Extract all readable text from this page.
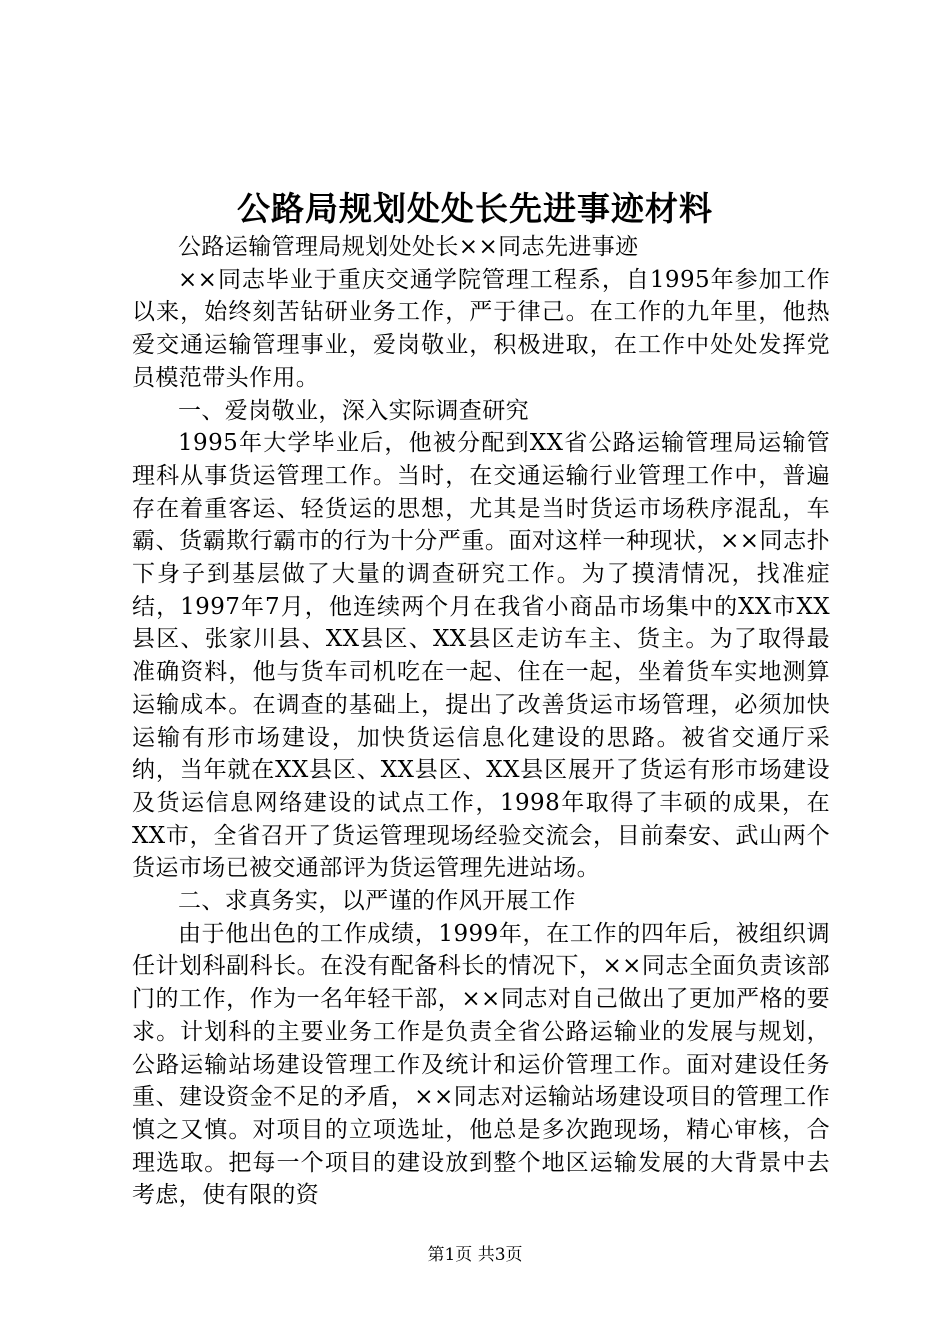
公路局规划处处长先进事迹材料

公路运输管理局规划处处长××同志先进事迹

××同志毕业于重庆交通学院管理工程系，自1995年参加工作以来，始终刻苦钻研业务工作，严于律己。在工作的九年里，他热爱交通运输管理事业，爱岗敬业，积极进取，在工作中处处发挥党员模范带头作用。

一、爱岗敬业，深入实际调查研究

1995年大学毕业后，他被分配到XX省公路运输管理局运输管理科从事货运管理工作。当时，在交通运输行业管理工作中，普遍存在着重客运、轻货运的思想，尤其是当时货运市场秩序混乱，车霸、货霸欺行霸市的行为十分严重。面对这样一种现状，××同志扑下身子到基层做了大量的调查研究工作。为了摸清情况，找准症结，1997年7月，他连续两个月在我省小商品市场集中的XX市XX县区、张家川县、XX县区、XX县区走访车主、货主。为了取得最准确资料，他与货车司机吃在一起、住在一起，坐着货车实地测算运输成本。在调查的基础上，提出了改善货运市场管理，必须加快运输有形市场建设，加快货运信息化建设的思路。被省交通厅采纳，当年就在XX县区、XX县区、XX县区展开了货运有形市场建设及货运信息网络建设的试点工作，1998年取得了丰硕的成果，在XX市，全省召开了货运管理现场经验交流会，目前秦安、武山两个货运市场已被交通部评为货运管理先进站场。

二、求真务实，以严谨的作风开展工作

由于他出色的工作成绩，1999年，在工作的四年后，被组织调任计划科副科长。在没有配备科长的情况下，××同志全面负责该部门的工作，作为一名年轻干部，××同志对自己做出了更加严格的要求。计划科的主要业务工作是负责全省公路运输业的发展与规划，公路运输站场建设管理工作及统计和运价管理工作。面对建设任务重、建设资金不足的矛盾，××同志对运输站场建设项目的管理工作慎之又慎。对项目的立项选址，他总是多次跑现场，精心审核，合理选取。把每一个项目的建设放到整个地区运输发展的大背景中去考虑，使有限的资

第1页 共3页
